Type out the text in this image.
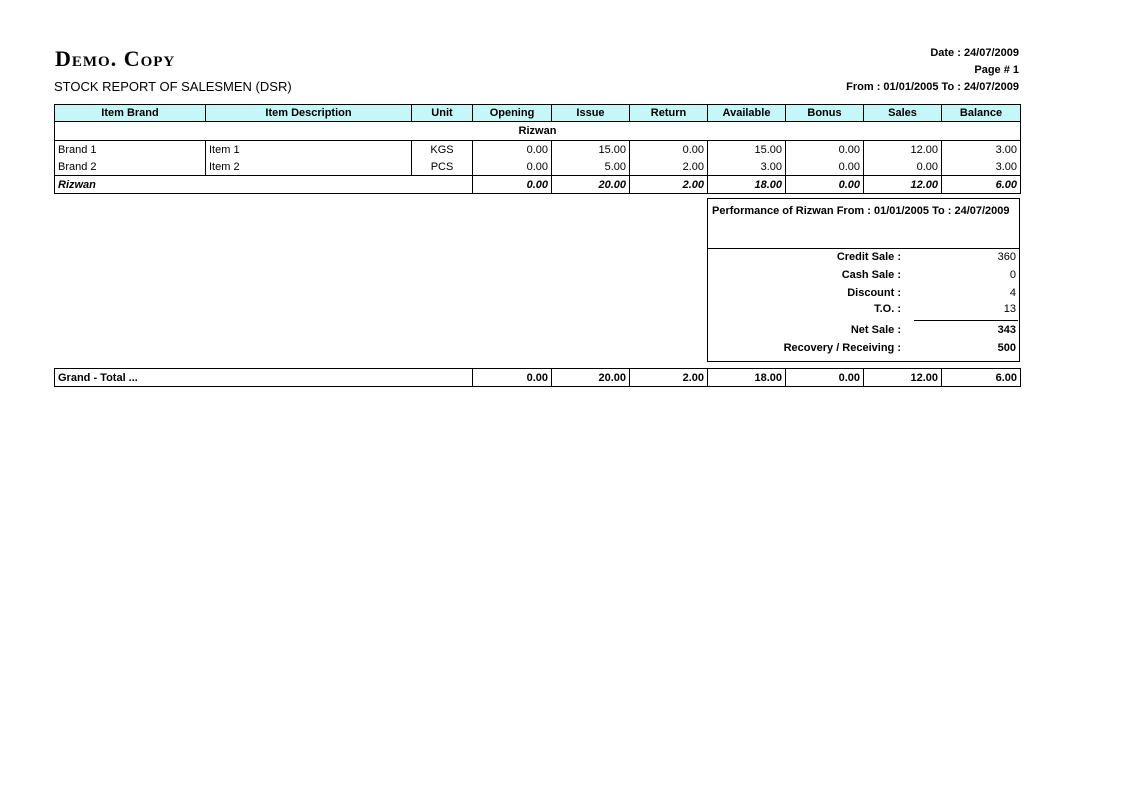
Demo. Copy
STOCK REPORT OF SALESMEN (DSR)
Date : 24/07/2009
Page # 1
From : 01/01/2005 To : 24/07/2009
Item Brand	Item Description	Unit	Opening	Issue	Return	Available	Bonus	Sales	Balance
Rizwan									
Brand 1	Item 1	KGS	0.00	15.00	0.00	15.00	0.00	12.00	3.00
Brand 2	Item 2	PCS	0.00	5.00	2.00	3.00	0.00	0.00	3.00
Rizwan			0.00	20.00	2.00	18.00	0.00	12.00	6.00
Performance of Rizwan From : 01/01/2005 To : 24/07/2009
Credit Sale :	360
Cash Sale :	0
Discount :	4
T.O. :	13
Net Sale :	343
Recovery / Receiving :	500
Grand - Total ...	0.00	20.00	2.00	18.00	0.00	12.00	6.00
